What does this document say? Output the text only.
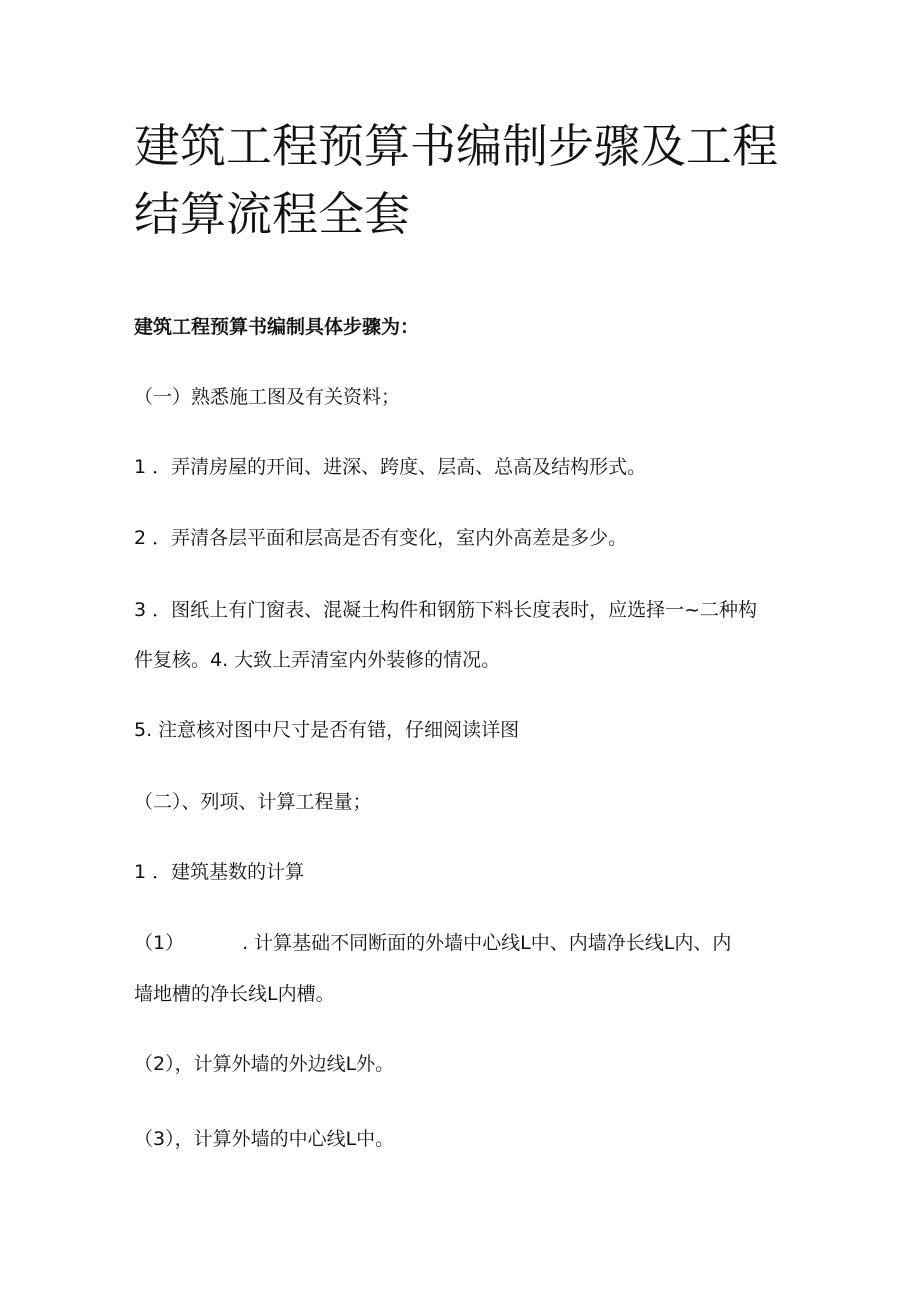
建筑工程预算书编制步骤及工程结算流程全套

建筑工程预算书编制具体步骤为：

（一）熟悉施工图及有关资料；

1 ．弄清房屋的开间、进深、跨度、层高、总高及结构形式。

2 ．弄清各层平面和层高是否有变化，室内外高差是多少。

3 ．图纸上有门窗表、混凝土构件和钢筋下料长度表时，应选择一~二种构

件复核。4. 大致上弄清室内外装修的情况。

5. 注意核对图中尺寸是否有错，仔细阅读详图

（二）、列项、计算工程量；

1 ．建筑基数的计算

（1）	. 计算基础不同断面的外墙中心线L中、内墙净长线L内、内

墙地槽的净长线L内槽。

（2），计算外墙的外边线L外。

（3），计算外墙的中心线L中。
